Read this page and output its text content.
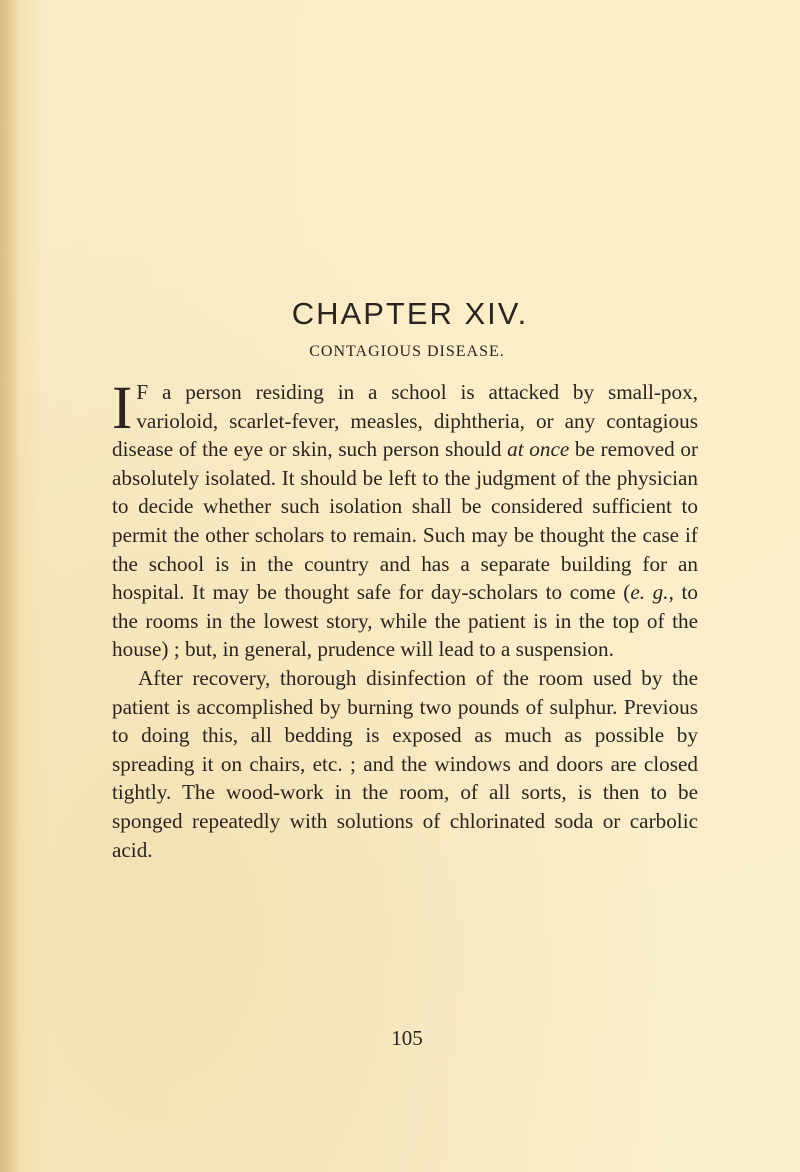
CHAPTER XIV.
CONTAGIOUS DISEASE.

I F a person residing in a school is attacked by small-pox, varioloid, scarlet-fever, measles, diphtheria, or any contagious disease of the eye or skin, such person should at once be removed or absolutely isolated. It should be left to the judgment of the physician to decide whether such isolation shall be considered sufficient to permit the other scholars to remain. Such may be thought the case if the school is in the country and has a separate building for an hospital. It may be thought safe for day-scholars to come (e. g., to the rooms in the lowest story, while the patient is in the top of the house) ; but, in general, prudence will lead to a suspension.

After recovery, thorough disinfection of the room used by the patient is accomplished by burning two pounds of sulphur. Previous to doing this, all bedding is exposed as much as possible by spreading it on chairs, etc. ; and the windows and doors are closed tightly. The wood-work in the room, of all sorts, is then to be sponged repeatedly with solutions of chlorinated soda or carbolic acid.

105
